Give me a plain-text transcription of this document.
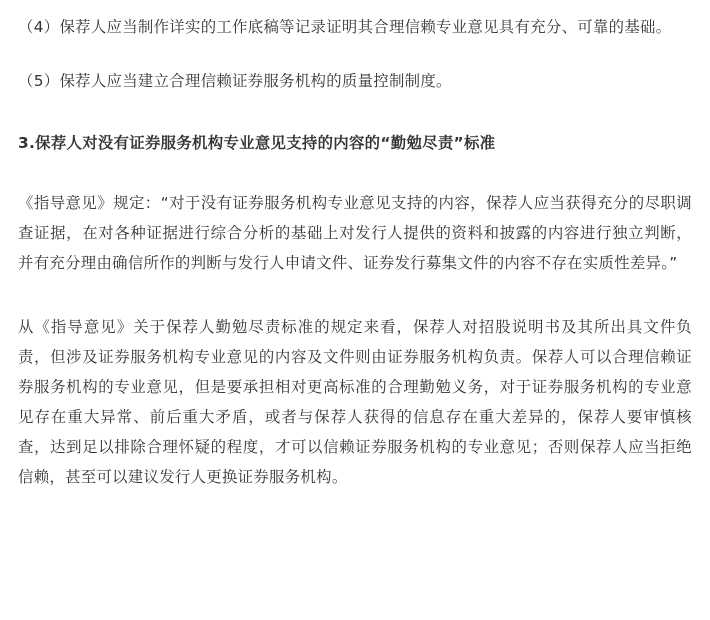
（4）保荐人应当制作详实的工作底稿等记录证明其合理信赖专业意见具有充分、可靠的基础。

（5）保荐人应当建立合理信赖证券服务机构的质量控制制度。

3.保荐人对没有证券服务机构专业意见支持的内容的“勤勉尽责”标准

《指导意见》规定：“对于没有证券服务机构专业意见支持的内容，保荐人应当获得充分的尽职调查证据，在对各种证据进行综合分析的基础上对发行人提供的资料和披露的内容进行独立判断，并有充分理由确信所作的判断与发行人申请文件、证券发行募集文件的内容不存在实质性差异。”

从《指导意见》关于保荐人勤勉尽责标准的规定来看，保荐人对招股说明书及其所出具文件负责，但涉及证券服务机构专业意见的内容及文件则由证券服务机构负责。保荐人可以合理信赖证券服务机构的专业意见，但是要承担相对更高标准的合理勤勉义务，对于证券服务机构的专业意见存在重大异常、前后重大矛盾，或者与保荐人获得的信息存在重大差异的，保荐人要审慎核查，达到足以排除合理怀疑的程度，才可以信赖证券服务机构的专业意见；否则保荐人应当拒绝信赖，甚至可以建议发行人更换证券服务机构。
